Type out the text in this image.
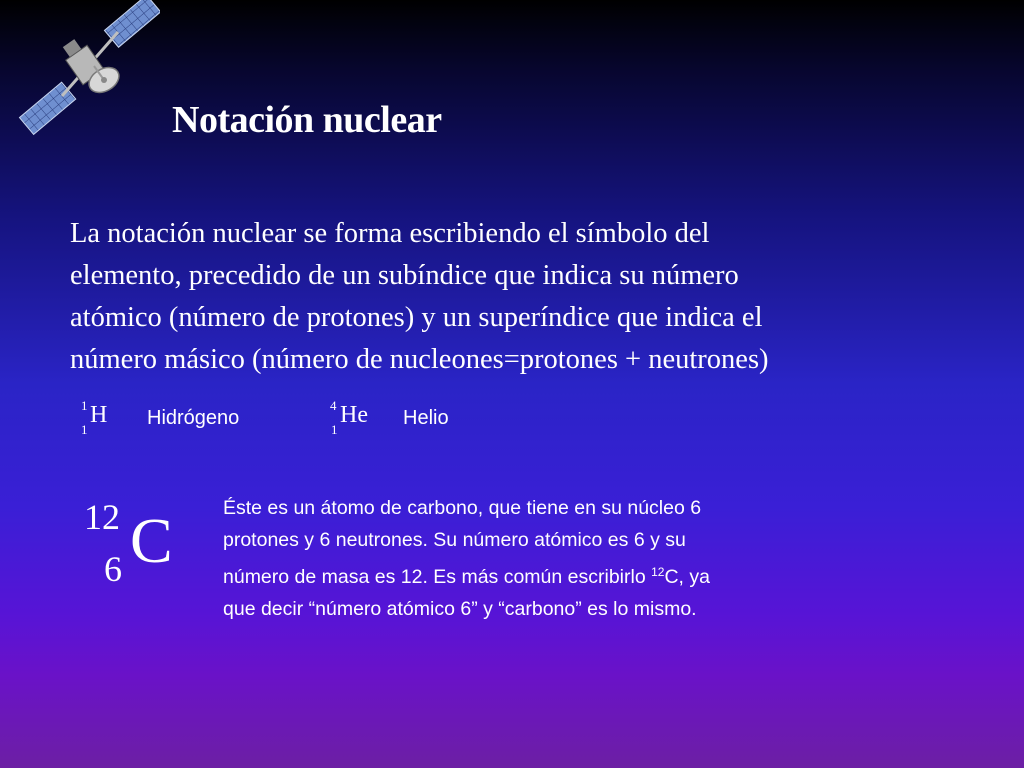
Notación nuclear
La notación nuclear se forma escribiendo el símbolo del
elemento, precedido de un subíndice que indica su número
atómico (número de protones) y un superíndice que indica el
número másico (número de nucleones=protones + neutrones)
1
1
H Hidrógeno
4
1
He Helio
12
6 C	Éste es un átomo de carbono, que tiene en su núcleo 6
protones y 6 neutrones. Su número atómico es 6 y su
número de masa es 12. Es más común escribirlo $^{12}$C, ya
que decir “número atómico 6” y “carbono” es lo mismo.
